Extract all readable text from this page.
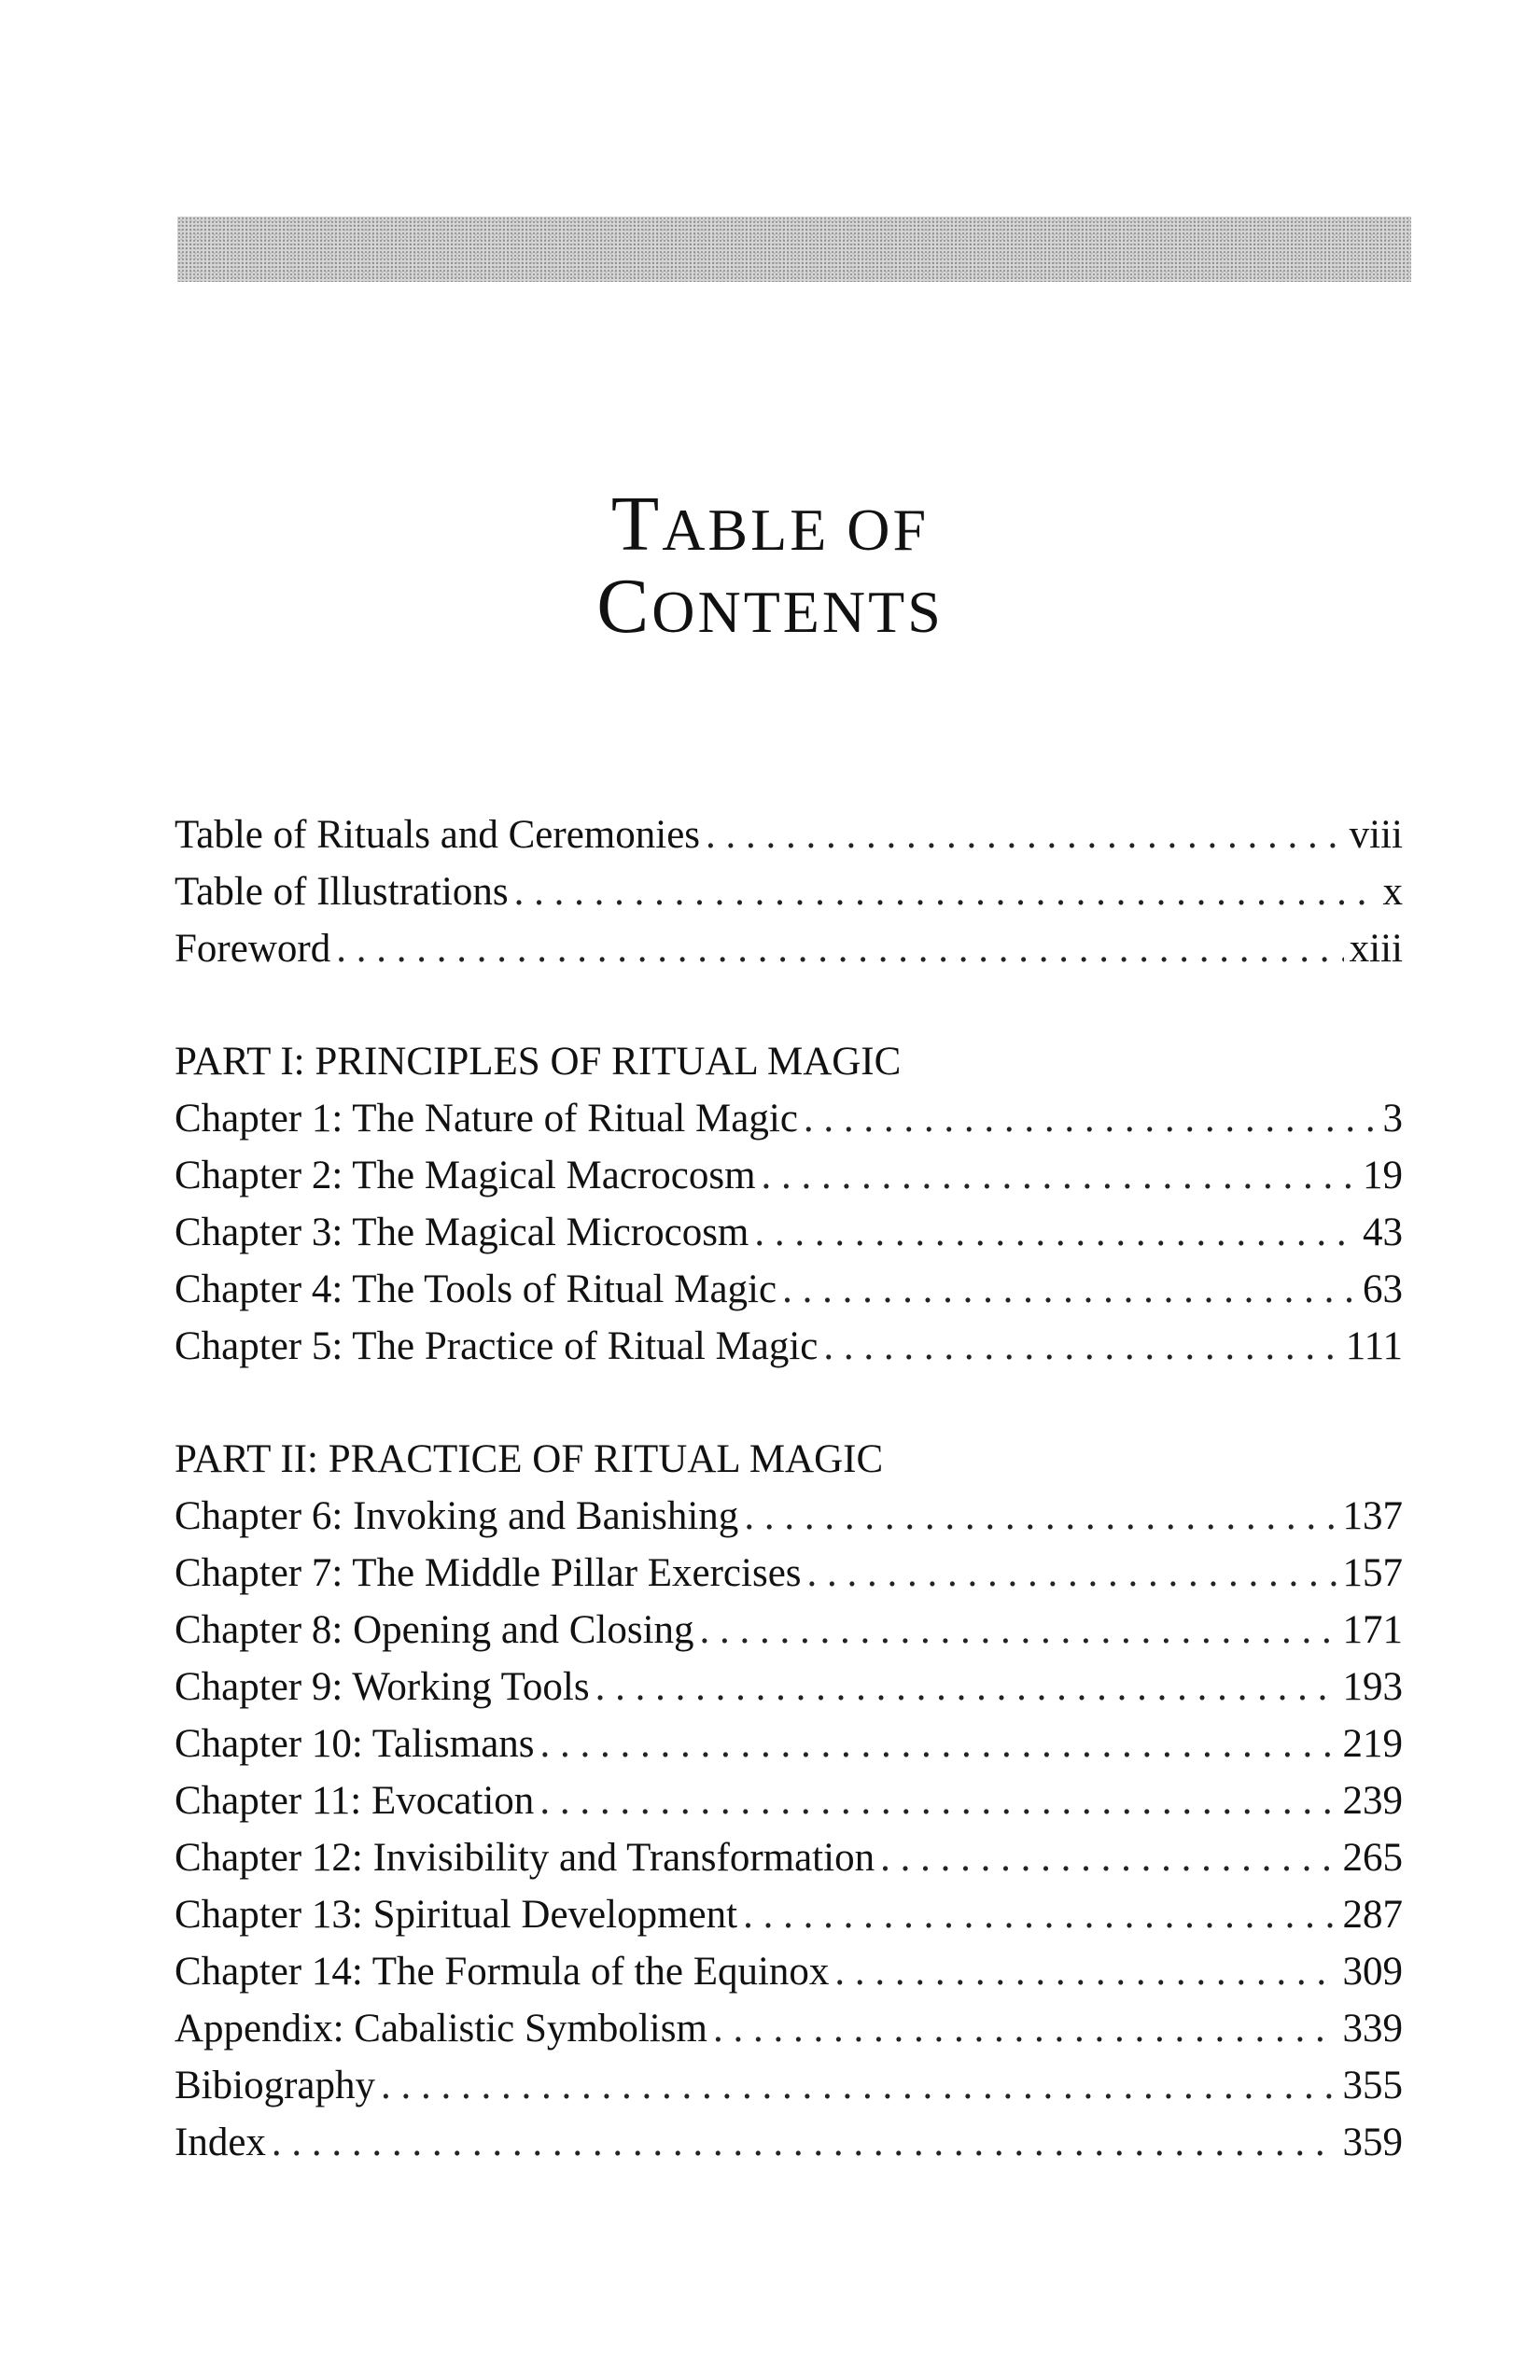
TABLE OF
CONTENTS
Table of Rituals and Ceremonies . . .	viii
Table of Illustrations . . .	x
Foreword . . .	xiii
PART I: PRINCIPLES OF RITUAL MAGIC
Chapter 1: The Nature of Ritual Magic . . .	3
Chapter 2: The Magical Macrocosm . . .	19
Chapter 3: The Magical Microcosm . . .	43
Chapter 4: The Tools of Ritual Magic . . .	63
Chapter 5: The Practice of Ritual Magic . . .	111
PART II: PRACTICE OF RITUAL MAGIC
Chapter 6: Invoking and Banishing . . .	137
Chapter 7: The Middle Pillar Exercises . . .	157
Chapter 8: Opening and Closing . . .	171
Chapter 9: Working Tools . . .	193
Chapter 10: Talismans . . .	219
Chapter 11: Evocation . . .	239
Chapter 12: Invisibility and Transformation . . .	265
Chapter 13: Spiritual Development . . .	287
Chapter 14: The Formula of the Equinox . . .	309
Appendix: Cabalistic Symbolism . . .	339
Bibiography . . .	355
Index . . .	359
